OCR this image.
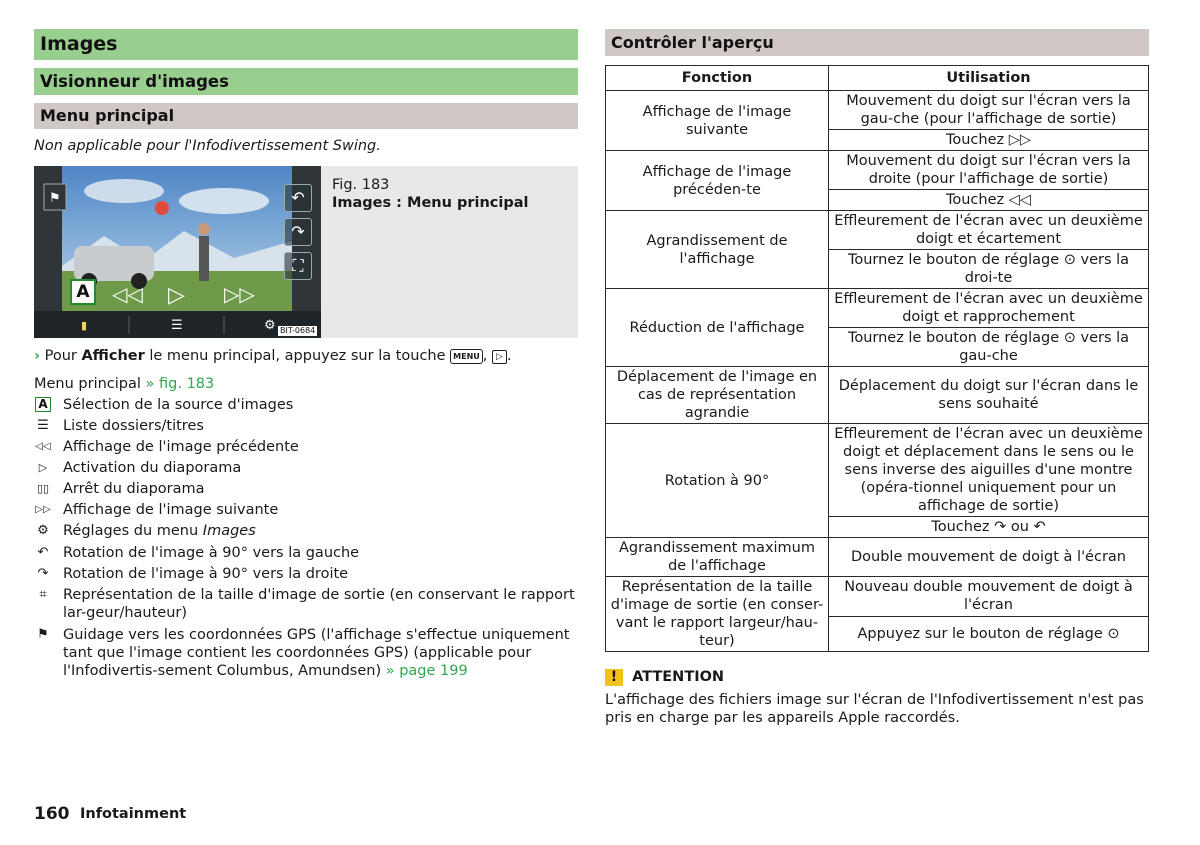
Images
Visionneur d'images
Menu principal
Non applicable pour l'Infodivertissement Swing.
▮	☰	⚙
◁◁ ▷ ▷▷
⚑	↶
↷
⛶
A
BIT-0684
Fig. 183
Images : Menu principal
› Pour Afficher le menu principal, appuyez sur la touche MENU , ▷ .
Menu principal » fig. 183
A	Sélection de la source d'images
☰ Liste dossiers/titres
◁◁ Affichage de l'image précédente
▷	Activation du diaporama
▯▯ Arrêt du diaporama
▷▷ Affichage de l'image suivante
⚙ Réglages du menu Images
↶ Rotation de l'image à 90° vers la gauche
↷ Rotation de l'image à 90° vers la droite
⌗	Représentation de la taille d'image de sortie (en conservant le rapport lar-geur/hauteur)
⚑ Guidage vers les coordonnées GPS (l'affichage s'effectue uniquement tant que l'image contient les coordonnées GPS) (applicable pour l'Infodivertis-sement Columbus, Amundsen) » page 199
Contrôler l'aperçu
Fonction	Utilisation
Affichage de l'image suivante	Mouvement du doigt sur l'écran vers la gau-che (pour l'affichage de sortie)
	Touchez ▷▷
Affichage de l'image précéden-te	Mouvement du doigt sur l'écran vers la droite (pour l'affichage de sortie)
	Touchez ◁◁
Agrandissement de l'affichage	Effleurement de l'écran avec un deuxième doigt et écartement
	Tournez le bouton de réglage ⊙ vers la droi-te
Réduction de l'affichage	Effleurement de l'écran avec un deuxième doigt et rapprochement
	Tournez le bouton de réglage ⊙ vers la gau-che
Déplacement de l'image en cas de représentation agrandie	Déplacement du doigt sur l'écran dans le sens souhaité
Rotation à 90°	Effleurement de l'écran avec un deuxième doigt et déplacement dans le sens ou le sens inverse des aiguilles d'une montre (opéra-tionnel uniquement pour un affichage de sortie)
	Touchez ↷ ou ↶
Agrandissement maximum de l'affichage	Double mouvement de doigt à l'écran
Représentation de la taille d'image de sortie (en conser-vant le rapport largeur/hau-teur)	Nouveau double mouvement de doigt à l'écran
	Appuyez sur le bouton de réglage ⊙
! ATTENTION
L'affichage des fichiers image sur l'écran de l'Infodivertissement n'est pas pris en charge par les appareils Apple raccordés.
160 Infotainment
